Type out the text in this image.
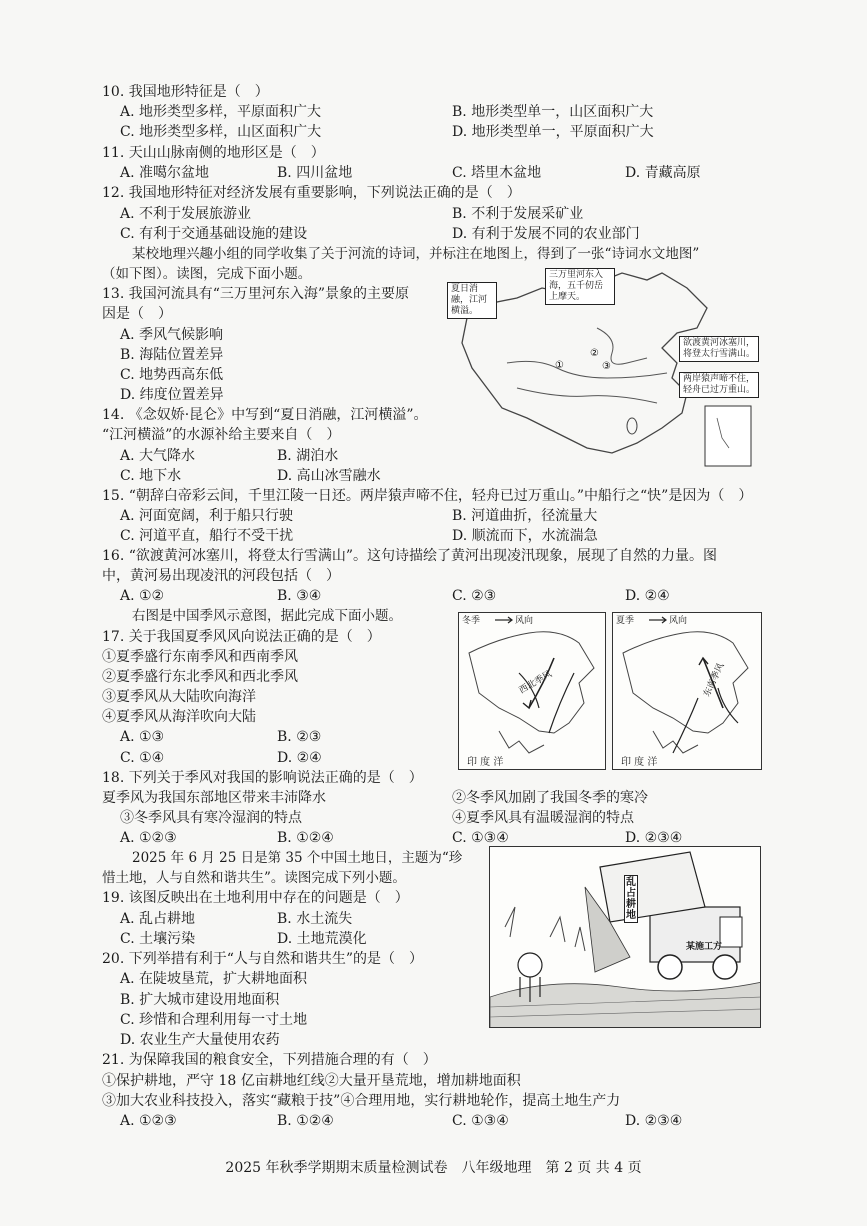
10. 我国地形特征是（　）
A. 地形类型多样，平原面积广大	B. 地形类型单一，山区面积广大
C. 地形类型多样，山区面积广大	D. 地形类型单一，平原面积广大
11. 天山山脉南侧的地形区是（　）
A. 准噶尔盆地	B. 四川盆地	C. 塔里木盆地	D. 青藏高原
12. 我国地形特征对经济发展有重要影响，下列说法正确的是（　）
A. 不利于发展旅游业	B. 不利于发展采矿业
C. 有利于交通基础设施的建设	D. 有利于发展不同的农业部门
某校地理兴趣小组的同学收集了关于河流的诗词，并标注在地图上，得到了一张“诗词水文地图”
（如下图）。读图，完成下面小题。
①
②
③
夏日消融，江河横溢。
三万里河东入海，五千仞岳上摩天。
欲渡黄河冰塞川，将登太行雪满山。
两岸猿声啼不住，轻舟已过万重山。
13. 我国河流具有“三万里河东入海”景象的主要原
因是（　）
A. 季风气候影响
B. 海陆位置差异
C. 地势西高东低
D. 纬度位置差异
14. 《念奴娇·昆仑》中写到“夏日消融，江河横溢”。
“江河横溢”的水源补给主要来自（　）
A. 大气降水	B. 湖泊水
C. 地下水	D. 高山冰雪融水
15. “朝辞白帝彩云间，千里江陵一日还。两岸猿声啼不住，轻舟已过万重山。”中船行之“快”是因为（　）
A. 河面宽阔，利于船只行驶	B. 河道曲折，径流量大
C. 河道平直，船行不受干扰	D. 顺流而下，水流湍急
16. “欲渡黄河冰塞川，将登太行雪满山”。这句诗描绘了黄河出现凌汛现象，展现了自然的力量。图
中，黄河易出现凌汛的河段包括（　）
A. ①②	B. ③④	C. ②③	D. ②④
右图是中国季风示意图，据此完成下面小题。	冬季	风向
西北季风
印 度 洋
夏季	风向
东南季风
印 度 洋
17. 关于我国夏季风风向说法正确的是（　）
①夏季盛行东南季风和西南季风
②夏季盛行东北季风和西北季风
③夏季风从大陆吹向海洋
④夏季风从海洋吹向大陆
A. ①③	B. ②③
C. ①④	D. ②④
18. 下列关于季风对我国的影响说法正确的是（　）
夏季风为我国东部地区带来丰沛降水	②冬季风加剧了我国冬季的寒冷
③冬季风具有寒冷湿润的特点	④夏季风具有温暖湿润的特点
A. ①②③	B. ①②④	C. ①③④	D. ②③④
2025 年 6 月 25 日是第 35 个中国土地日，主题为“珍
惜土地，人与自然和谐共生”。读图完成下列小题。	乱占耕地
某施工方
19. 该图反映出在土地利用中存在的问题是（　）
A. 乱占耕地	B. 水土流失
C. 土壤污染	D. 土地荒漠化
20. 下列举措有利于“人与自然和谐共生”的是（　）
A. 在陡坡垦荒，扩大耕地面积
B. 扩大城市建设用地面积
C. 珍惜和合理利用每一寸土地
D. 农业生产大量使用农药
21. 为保障我国的粮食安全，下列措施合理的有（　）
①保护耕地，严守 18 亿亩耕地红线②大量开垦荒地，增加耕地面积
③加大农业科技投入，落实“藏粮于技”④合理用地，实行耕地轮作，提高土地生产力
A. ①②③	B. ①②④	C. ①③④	D. ②③④
2025 年秋季学期期末质量检测试卷　八年级地理　第 2 页 共 4 页
